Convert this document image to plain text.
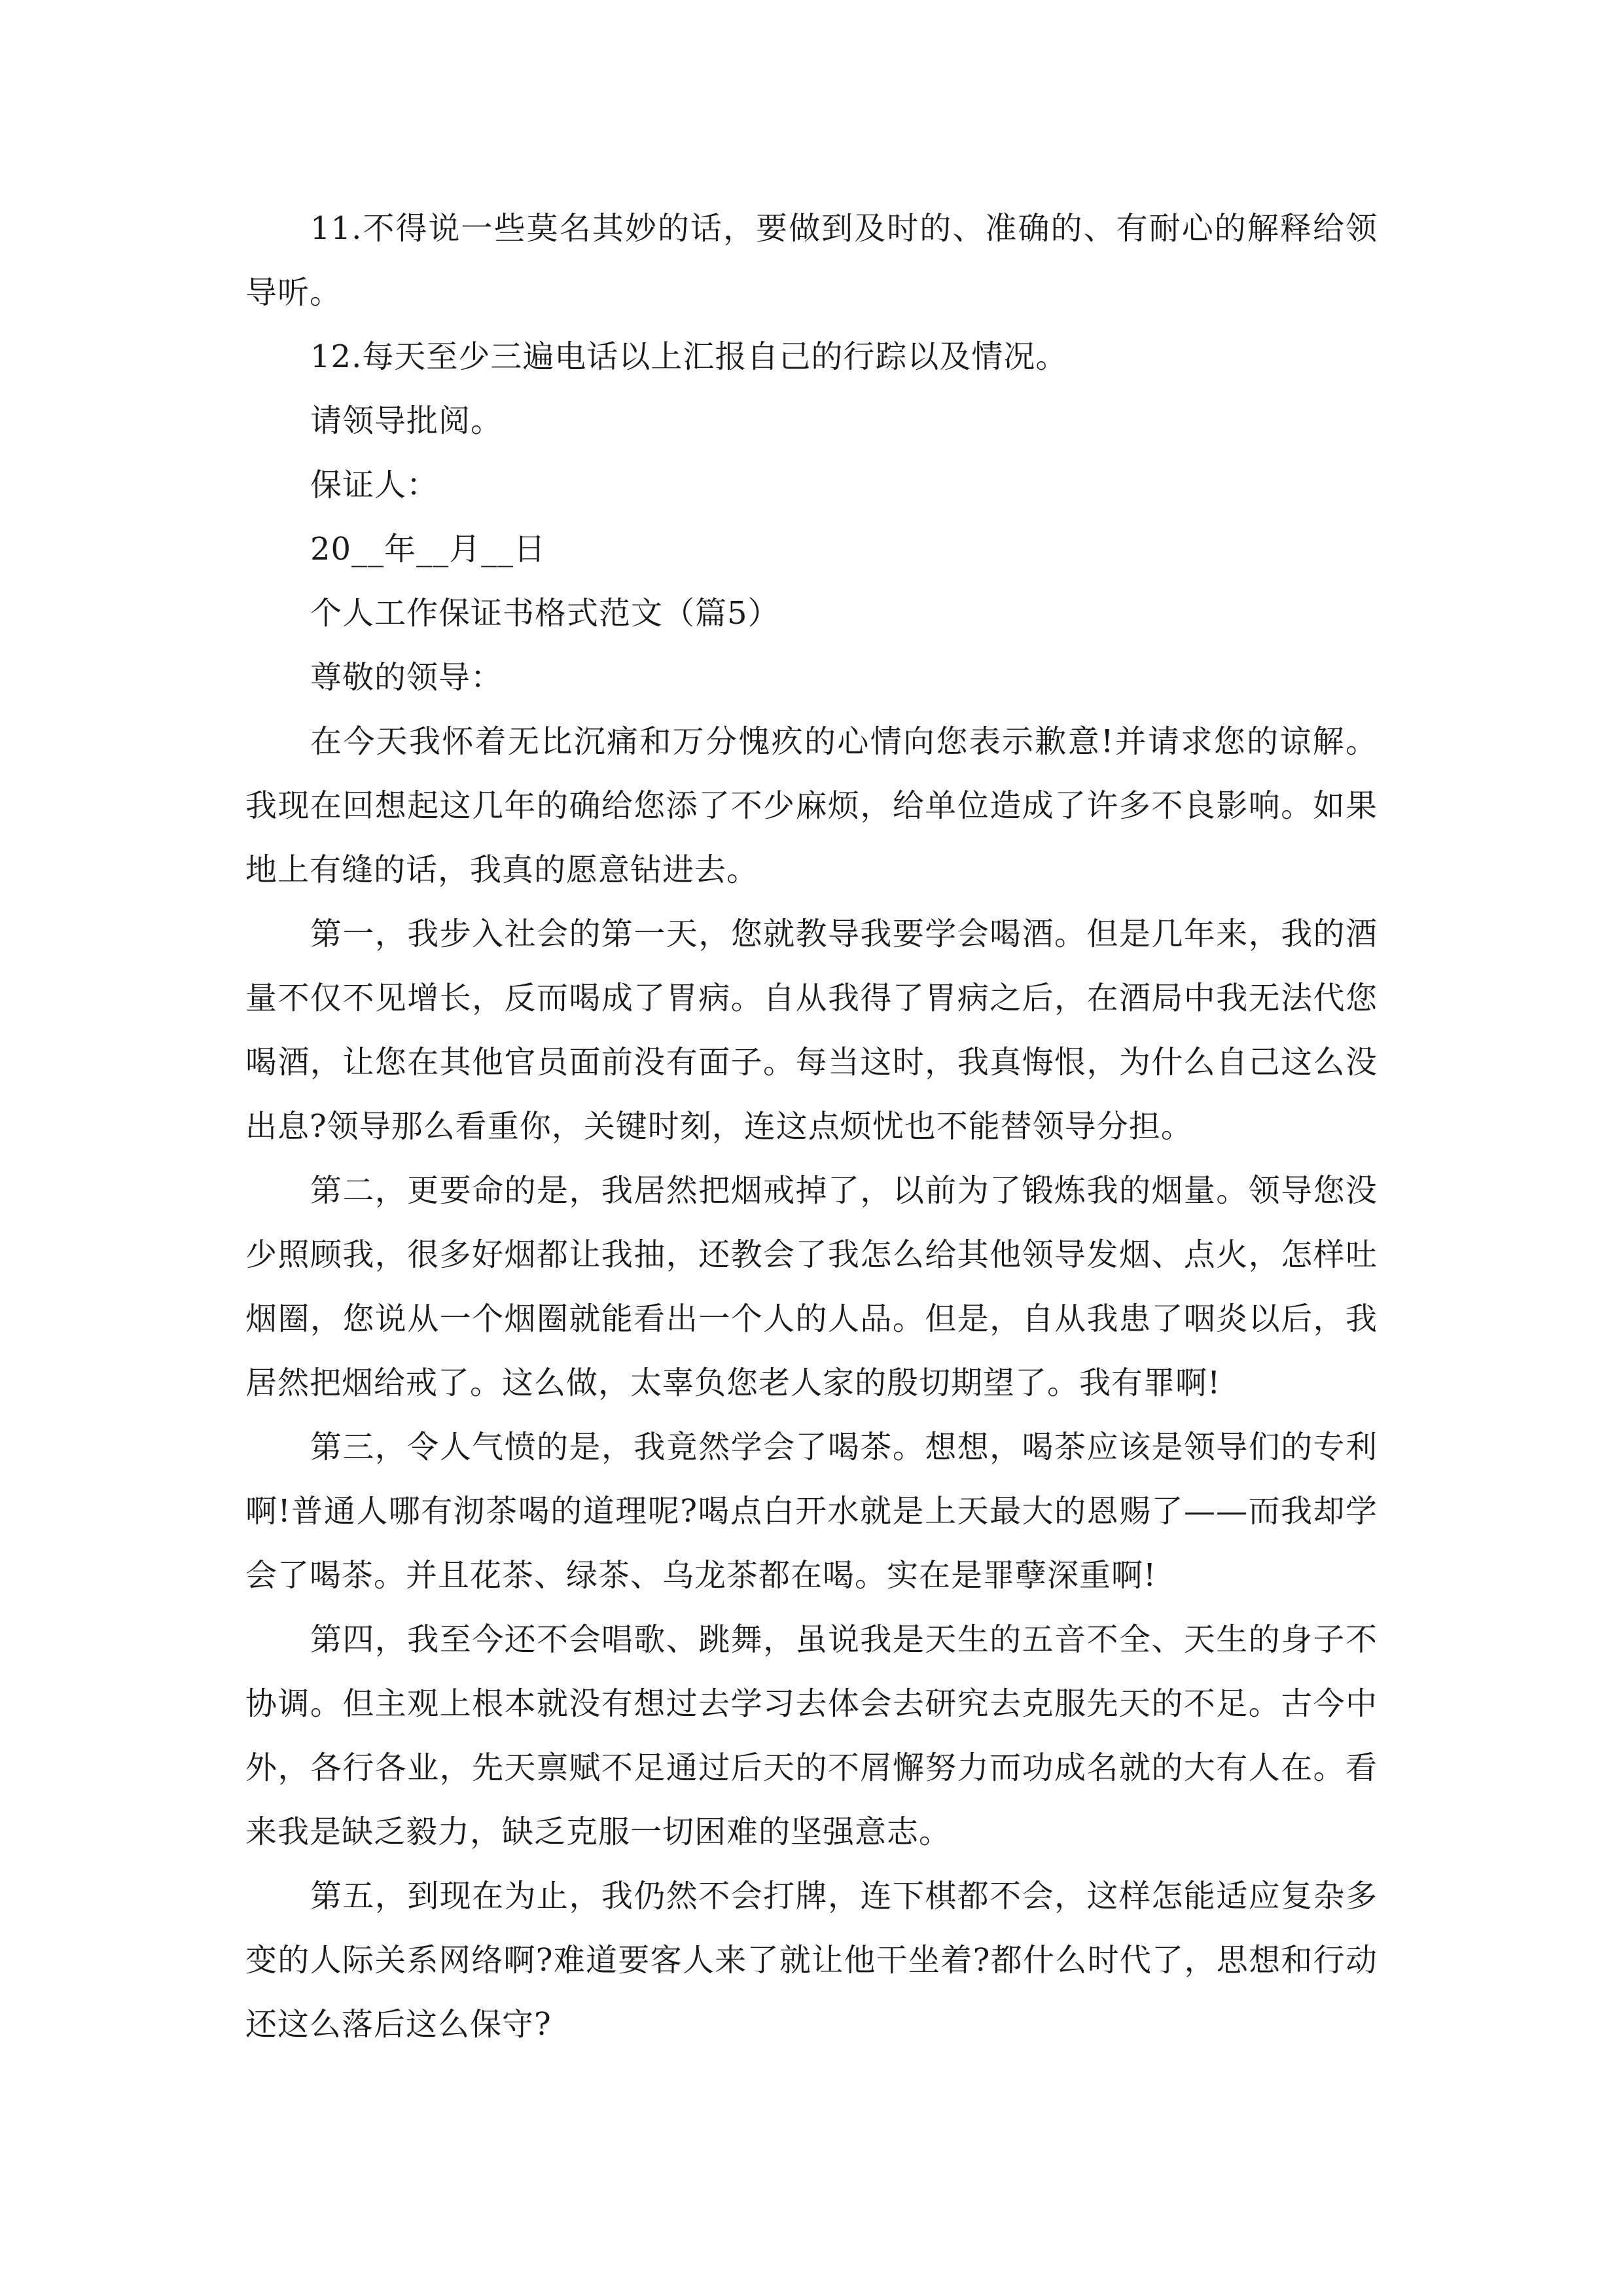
11.不得说一些莫名其妙的话，要做到及时的、准确的、有耐心的解释给领导听。

12.每天至少三遍电话以上汇报自己的行踪以及情况。

请领导批阅。

保证人：

20__年__月__日

个人工作保证书格式范文（篇5）

尊敬的领导：

在今天我怀着无比沉痛和万分愧疚的心情向您表示歉意!并请求您的谅解。我现在回想起这几年的确给您添了不少麻烦，给单位造成了许多不良影响。如果地上有缝的话，我真的愿意钻进去。

第一，我步入社会的第一天，您就教导我要学会喝酒。但是几年来，我的酒量不仅不见增长，反而喝成了胃病。自从我得了胃病之后，在酒局中我无法代您喝酒，让您在其他官员面前没有面子。每当这时，我真悔恨，为什么自己这么没出息?领导那么看重你，关键时刻，连这点烦忧也不能替领导分担。

第二，更要命的是，我居然把烟戒掉了，以前为了锻炼我的烟量。领导您没少照顾我，很多好烟都让我抽，还教会了我怎么给其他领导发烟、点火，怎样吐烟圈，您说从一个烟圈就能看出一个人的人品。但是，自从我患了咽炎以后，我居然把烟给戒了。这么做，太辜负您老人家的殷切期望了。我有罪啊!

第三，令人气愤的是，我竟然学会了喝茶。想想，喝茶应该是领导们的专利啊!普通人哪有沏茶喝的道理呢?喝点白开水就是上天最大的恩赐了——而我却学会了喝茶。并且花茶、绿茶、乌龙茶都在喝。实在是罪孽深重啊!

第四，我至今还不会唱歌、跳舞，虽说我是天生的五音不全、天生的身子不协调。但主观上根本就没有想过去学习去体会去研究去克服先天的不足。古今中外，各行各业，先天禀赋不足通过后天的不屑懈努力而功成名就的大有人在。看来我是缺乏毅力，缺乏克服一切困难的坚强意志。

第五，到现在为止，我仍然不会打牌，连下棋都不会，这样怎能适应复杂多变的人际关系网络啊?难道要客人来了就让他干坐着?都什么时代了，思想和行动还这么落后这么保守?
